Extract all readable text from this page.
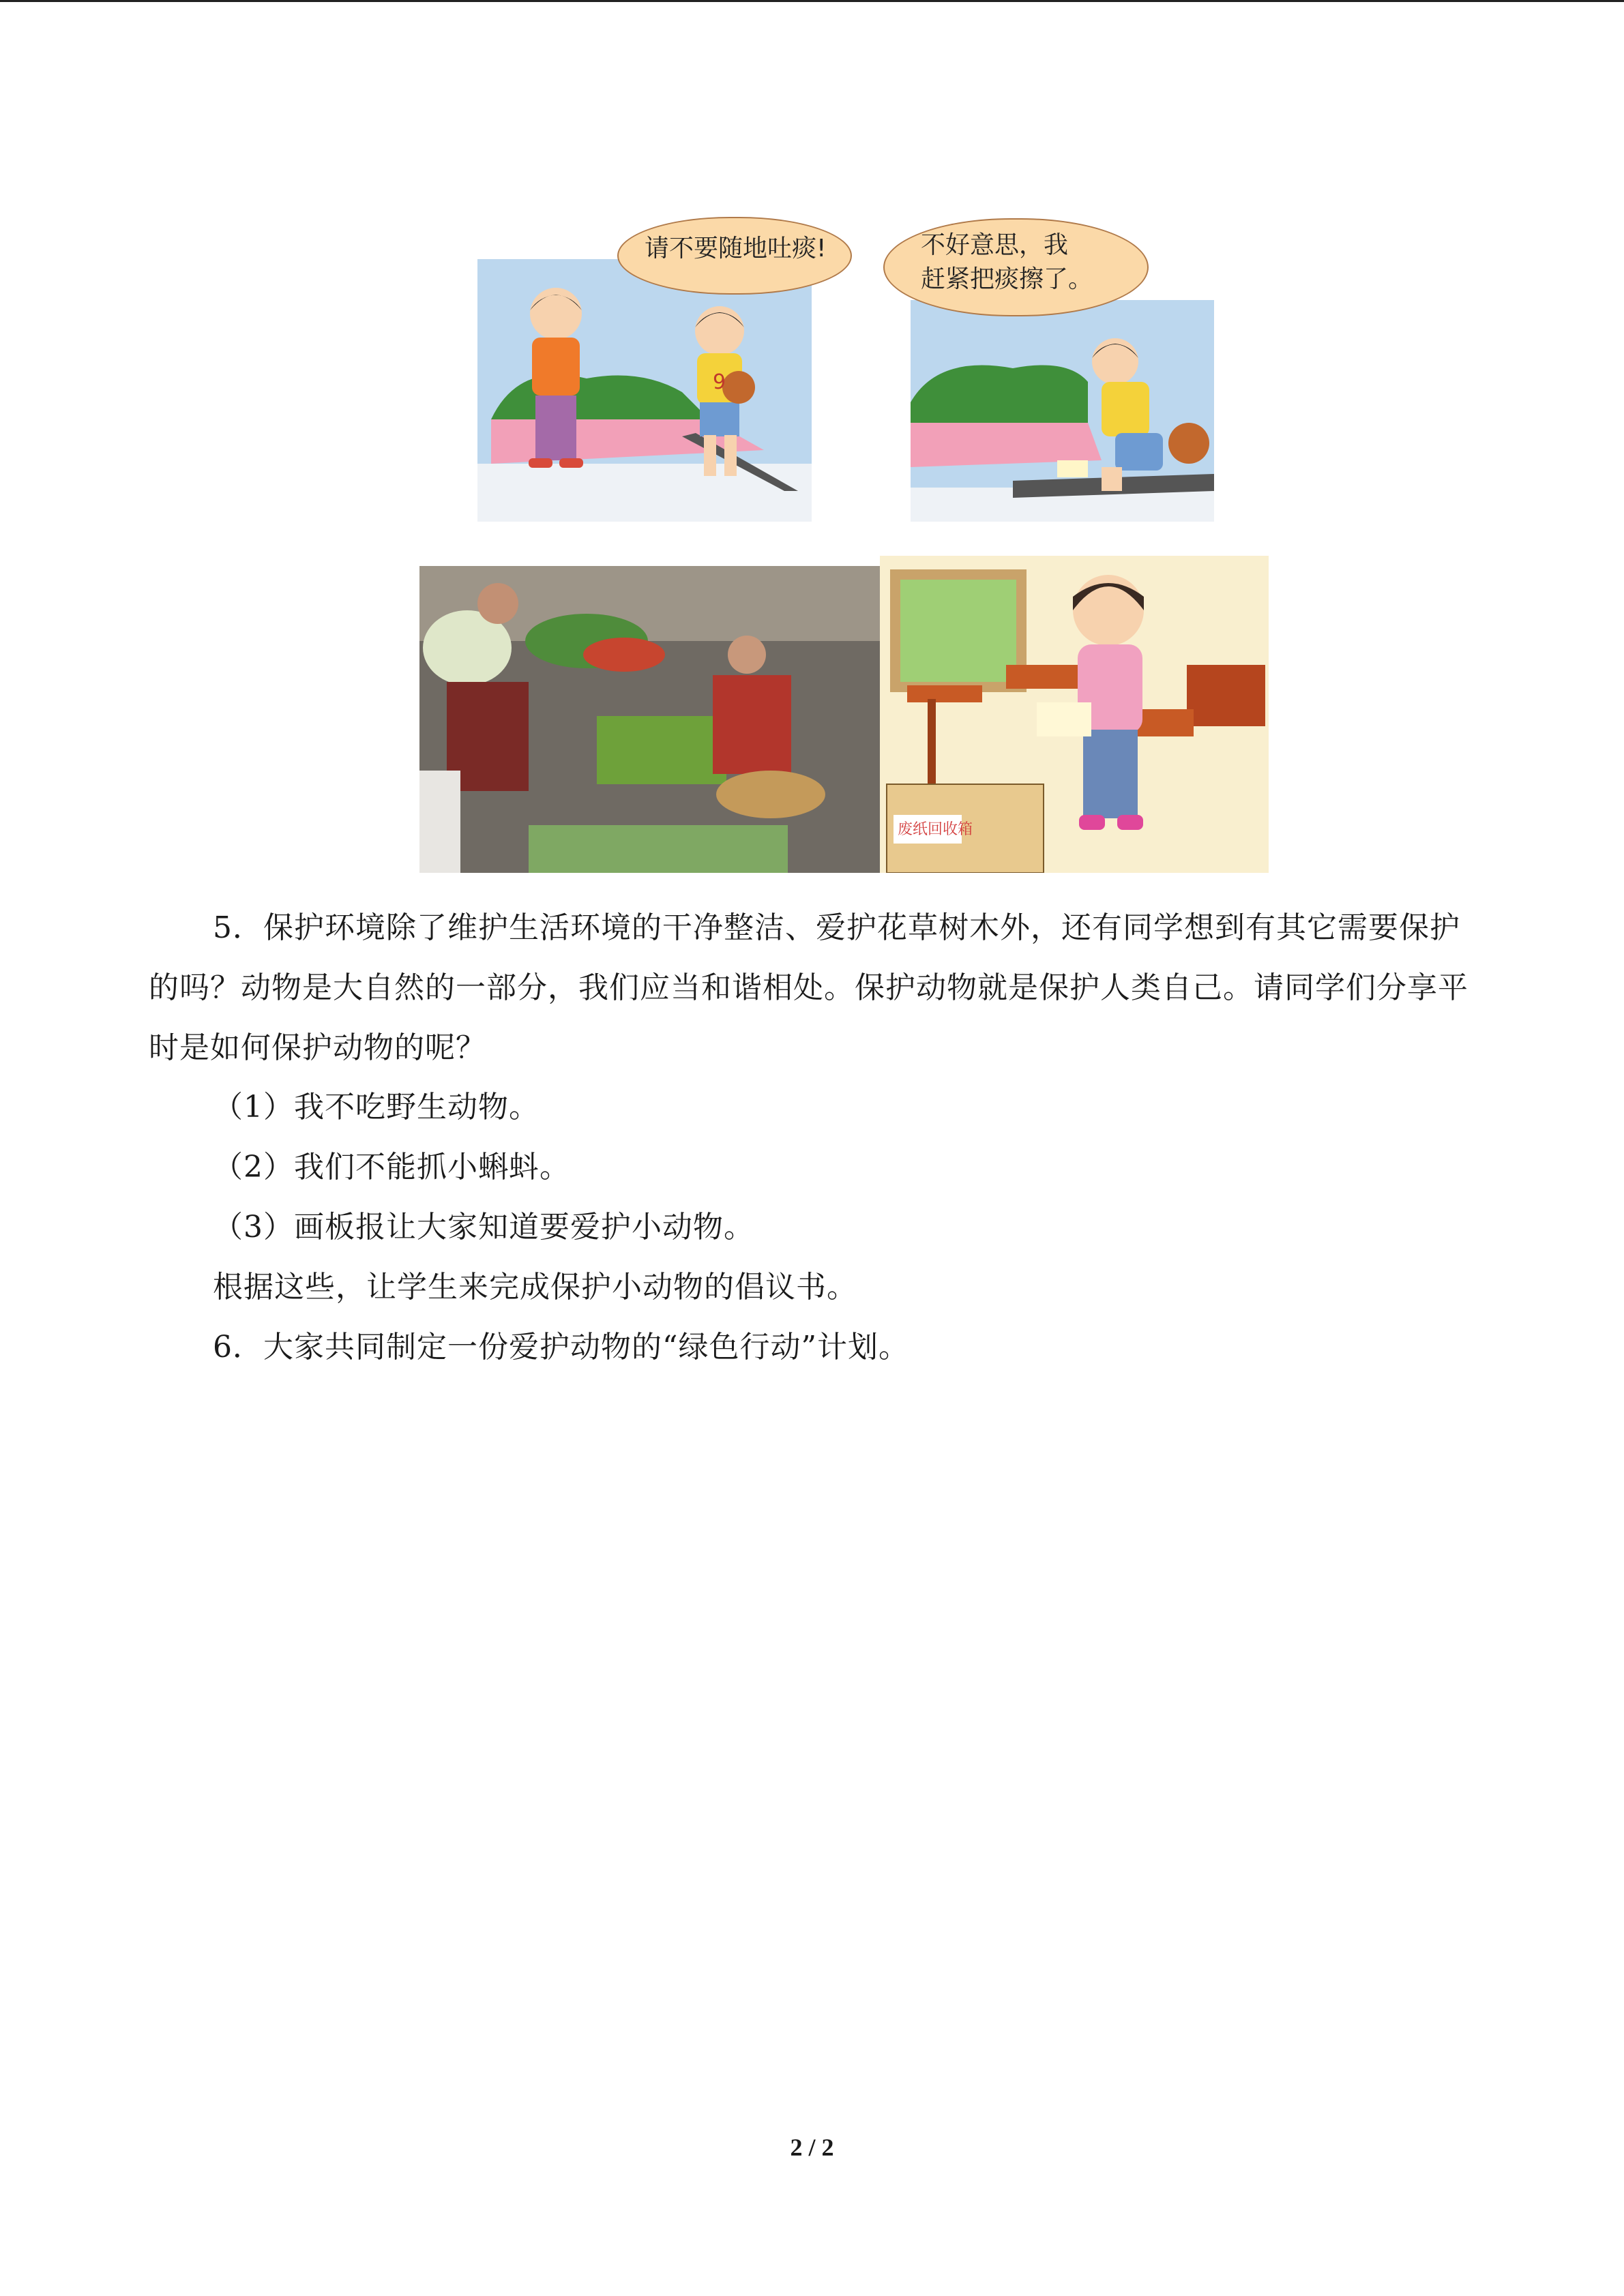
9
请不要随地吐痰!	不好意思，我
赶紧把痰擦了。
废纸回收箱
5．保护环境除了维护生活环境的干净整洁、爱护花草树木外，还有同学想到有其它需要保护的吗？动物是大自然的一部分，我们应当和谐相处。保护动物就是保护人类自己。请同学们分享平时是如何保护动物的呢？
（1）我不吃野生动物。
（2）我们不能抓小蝌蚪。
（3）画板报让大家知道要爱护小动物。
根据这些，让学生来完成保护小动物的倡议书。
6．大家共同制定一份爱护动物的“绿色行动”计划。
2 / 2
